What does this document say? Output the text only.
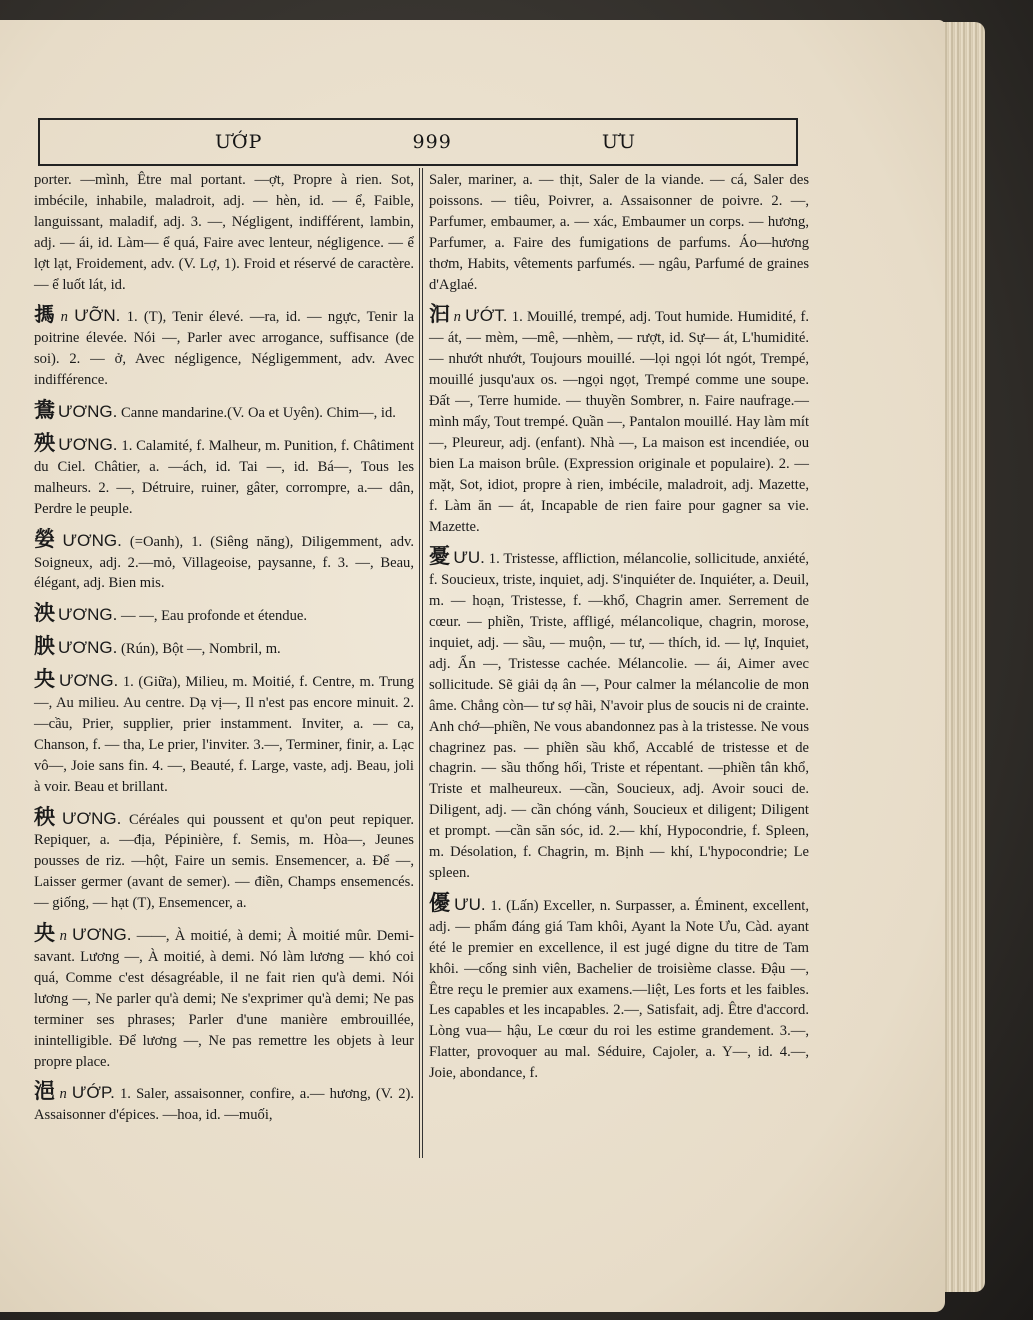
ƯỚP	999	ƯU

porter. —mình, Être mal portant. —ợt, Propre à rien. Sot, imbécile, inhabile, maladroit, adj. — hèn, id. — ể, Faible, languissant, maladif, adj. 3. —, Négligent, indifférent, lambin, adj. — ái, id. Làm— ể quá, Faire avec lenteur, négligence. — ể lợt lạt, Froidement, adv. (V. Lợ, 1). Froid et réservé de caractère. — ể luốt lát, id.

𢲫 n ƯỠN. 1. (T), Tenir élevé. —ra, id. — ngực, Tenir la poitrine élevée. Nói —, Parler avec arrogance, suffisance (de soi). 2. — ở, Avec négligence, Négligemment, adv. Avec indifférence.

鴦 ƯƠNG. Canne mandarine.(V. Oa et Uyên). Chim—, id.

殃 ƯƠNG. 1. Calamité, f. Malheur, m. Punition, f. Châtiment du Ciel. Châtier, a. —ách, id. Tai —, id. Bá—, Tous les malheurs. 2. —, Détruire, ruiner, gâter, corrompre, a.— dân, Perdre le peuple.

嫈 ƯƠNG. (=Oanh), 1. (Siêng năng), Diligemment, adv. Soigneux, adj. 2.—mỏ, Villageoise, paysanne, f. 3. —, Beau, élégant, adj. Bien mis.

泱 ƯƠNG. — —, Eau profonde et étendue.

胦 ƯƠNG. (Rún), Bột —, Nombril, m.

央 ƯƠNG. 1. (Giữa), Milieu, m. Moitié, f. Centre, m. Trung—, Au milieu. Au centre. Dạ vị—, Il n'est pas encore minuit. 2.—cầu, Prier, supplier, prier instamment. Inviter, a. — ca, Chanson, f. — tha, Le prier, l'inviter. 3.—, Terminer, finir, a. Lạc vô—, Joie sans fin. 4. —, Beauté, f. Large, vaste, adj. Beau, joli à voir. Beau et brillant.

秧 ƯƠNG. Céréales qui poussent et qu'on peut repiquer. Repiquer, a. —địa, Pépinière, f. Semis, m. Hòa—, Jeunes pousses de riz. —hột, Faire un semis. Ensemencer, a. Để —, Laisser germer (avant de semer). — điền, Champs ensemencés. — giống, — hạt (T), Ensemencer, a.

央 n ƯƠNG. ——, À moitié, à demi; À moitié mûr. Demi-savant. Lương —, À moitié, à demi. Nó làm lương — khó coi quá, Comme c'est désagréable, il ne fait rien qu'à demi. Nói lương —, Ne parler qu'à demi; Ne s'exprimer qu'à demi; Ne pas terminer ses phrases; Parler d'une manière embrouillée, inintelligible. Để lương —, Ne pas remettre les objets à leur propre place.

浥 n ƯỚP. 1. Saler, assaisonner, confire, a.— hương, (V. 2). Assaisonner d'épices. —hoa, id. —muối,

Saler, mariner, a. — thịt, Saler de la viande. — cá, Saler des poissons. — tiêu, Poivrer, a. Assaisonner de poivre. 2. —, Parfumer, embaumer, a. — xác, Embaumer un corps. — hương, Parfumer, a. Faire des fumigations de parfums. Áo—hương thơm, Habits, vêtements parfumés. — ngâu, Parfumé de graines d'Aglaé.

汩 n ƯỚT. 1. Mouillé, trempé, adj. Tout humide. Humidité, f. — át, — mèm, —mê, —nhèm, — rượt, id. Sự— át, L'humidité. — nhướt nhướt, Toujours mouillé. —lọi ngọi lót ngót, Trempé, mouillé jusqu'aux os. —ngọi ngọt, Trempé comme une soupe. Đất —, Terre humide. — thuyền Sombrer, n. Faire naufrage.—mình mẩy, Tout trempé. Quần —, Pantalon mouillé. Hay làm mít—, Pleureur, adj. (enfant). Nhà —, La maison est incendiée, ou bien La maison brûle. (Expression originale et populaire). 2. — mặt, Sot, idiot, propre à rien, imbécile, maladroit, adj. Mazette, f. Làm ăn — át, Incapable de rien faire pour gagner sa vie. Mazette.

憂 ƯU. 1. Tristesse, affliction, mélancolie, sollicitude, anxiété, f. Soucieux, triste, inquiet, adj. S'inquiéter de. Inquiéter, a. Deuil, m. — hoạn, Tristesse, f. —khổ, Chagrin amer. Serrement de cœur. — phiền, Triste, affligé, mélancolique, chagrin, morose, inquiet, adj. — sầu, — muộn, — tư, — thích, id. — lự, Inquiet, adj. Ẩn —, Tristesse cachée. Mélancolie. — ái, Aimer avec sollicitude. Sẽ giải dạ ân —, Pour calmer la mélancolie de mon âme. Chẳng còn— tư sợ hãi, N'avoir plus de soucis ni de crainte. Anh chớ—phiền, Ne vous abandonnez pas à la tristesse. Ne vous chagrinez pas. — phiền sầu khổ, Accablé de tristesse et de chagrin. — sầu thống hối, Triste et répentant. —phiền tân khổ, Triste et malheureux. —cần, Soucieux, adj. Avoir souci de. Diligent, adj. — cần chóng vánh, Soucieux et diligent; Diligent et prompt. —cần săn sóc, id. 2.— khí, Hypocondrie, f. Spleen, m. Désolation, f. Chagrin, m. Bịnh — khí, L'hypocondrie; Le spleen.

優 ƯU. 1. (Lấn) Exceller, n. Surpasser, a. Éminent, excellent, adj. — phẩm đáng giá Tam khôi, Ayant la Note Ưu, Càd. ayant été le premier en excellence, il est jugé digne du titre de Tam khôi. —cống sinh viên, Bachelier de troisième classe. Đậu —, Être reçu le premier aux examens.—liệt, Les forts et les faibles. Les capables et les incapables. 2.—, Satisfait, adj. Être d'accord. Lòng vua— hậu, Le cœur du roi les estime grandement. 3.—, Flatter, provoquer au mal. Séduire, Cajoler, a. Y—, id. 4.—, Joie, abondance, f.
